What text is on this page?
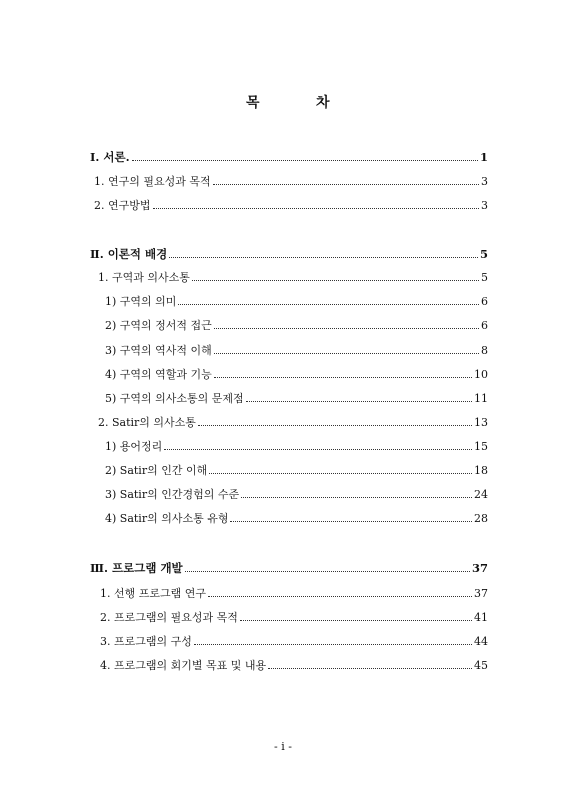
목	차
Ⅰ. 서론.	1
1. 연구의 필요성과 목적	3
2. 연구방법	3
Ⅱ. 이론적 배경	5
1. 구역과 의사소통	5
1) 구역의 의미	6
2) 구역의 정서적 접근	6
3) 구역의 역사적 이해	8
4) 구역의 역할과 기능	10
5) 구역의 의사소통의 문제점	11
2. Satir의 의사소통	13
1) 용어정리	15
2) Satir의 인간 이해	18
3) Satir의 인간경험의 수준	24
4) Satir의 의사소통 유형	28
Ⅲ. 프로그램 개발	37
1. 선행 프로그램 연구	37
2. 프로그램의 필요성과 목적	41
3. 프로그램의 구성	44
4. 프로그램의 회기별 목표 및 내용	45
- i -
